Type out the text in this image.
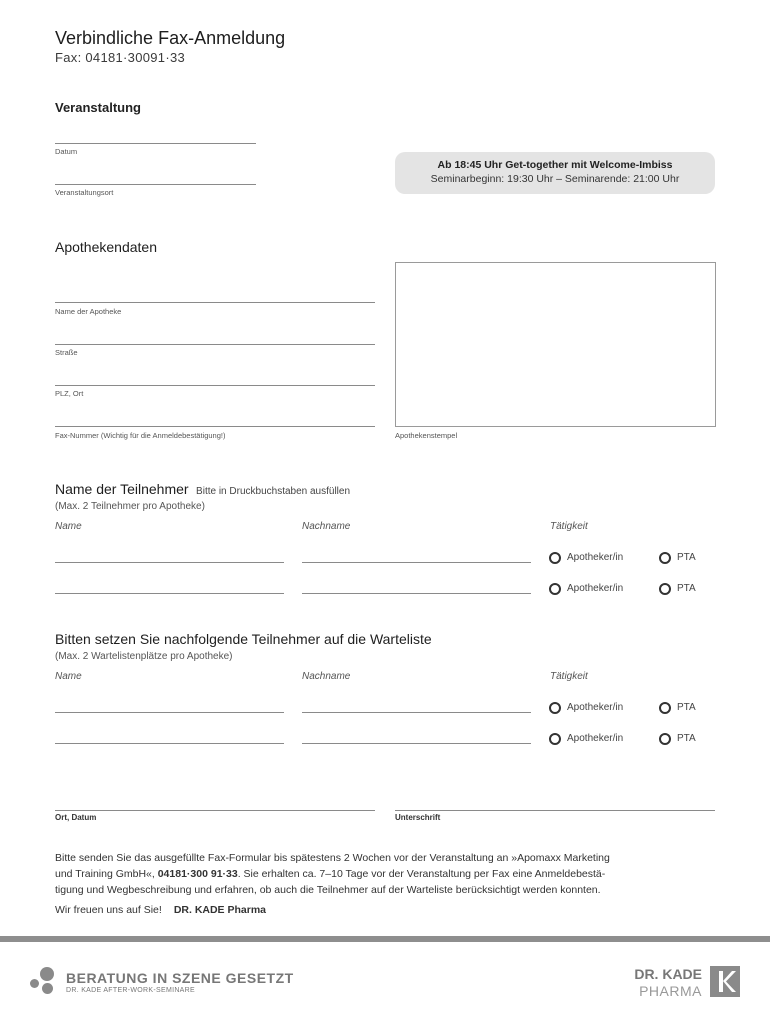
Verbindliche Fax-Anmeldung
Fax: 04181·30091·33
Veranstaltung
Datum
Veranstaltungsort
Ab 18:45 Uhr Get-together mit Welcome-Imbiss
Seminarbeginn: 19:30 Uhr – Seminarende: 21:00 Uhr
Apothekendaten
Name der Apotheke
Straße
PLZ, Ort
Fax-Nummer (Wichtig für die Anmeldebestätigung!)	Apothekenstempel
Name der Teilnehmer Bitte in Druckbuchstaben ausfüllen
(Max. 2 Teilnehmer pro Apotheke)
Name	Nachname	Tätigkeit
Apotheker/in	PTA
Apotheker/in	PTA
Bitten setzen Sie nachfolgende Teilnehmer auf die Warteliste
(Max. 2 Wartelistenplätze pro Apotheke)
Name	Nachname	Tätigkeit
Apotheker/in	PTA
Apotheker/in	PTA
Ort, Datum	Unterschrift
Bitte senden Sie das ausgefüllte Fax-Formular bis spätestens 2 Wochen vor der Veranstaltung an »Apomaxx Marketing
und Training GmbH«, 04181·300 91·33. Sie erhalten ca. 7–10 Tage vor der Veranstaltung per Fax eine Anmeldebestä-
tigung und Wegbeschreibung und erfahren, ob auch die Teilnehmer auf der Warteliste berücksichtigt werden konnten.
Wir freuen uns auf Sie! DR. KADE Pharma
BERATUNG IN SZENE GESETZT
DR. KADE AFTER-WORK-SEMINARE
DR. KADE
PHARMA
